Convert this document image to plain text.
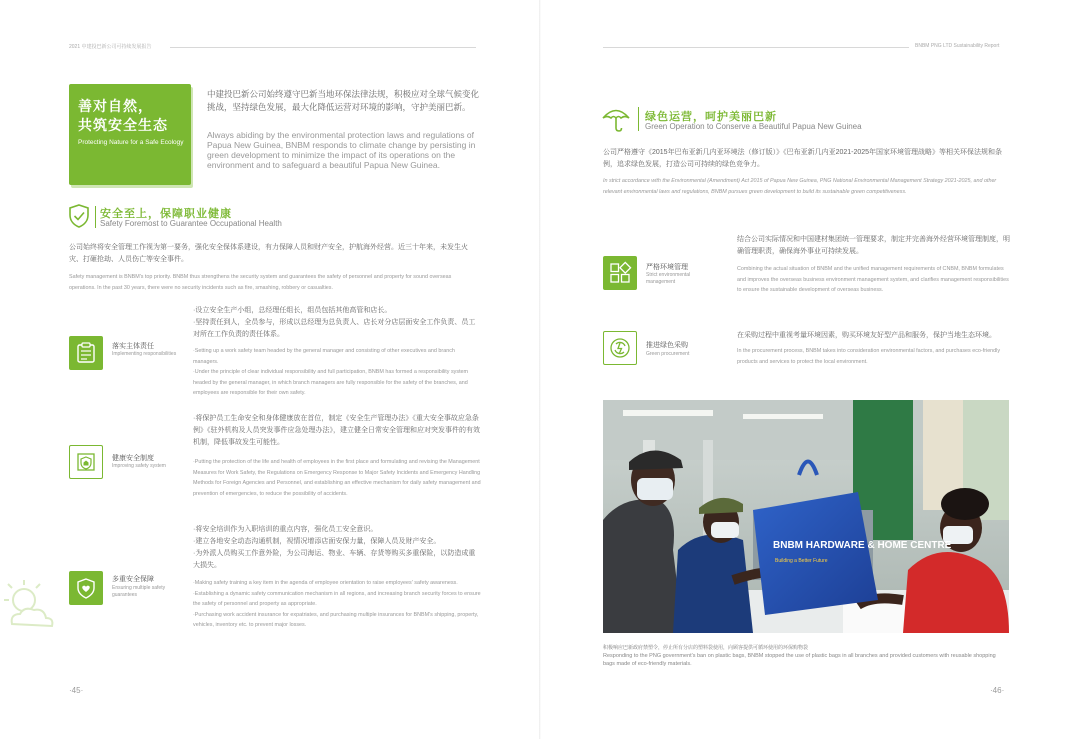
2021 中建投巴新公司可持续发展报告
善对自然，
共筑安全生态
Protecting Nature for a Safe Ecology
中建投巴新公司始终遵守巴新当地环保法律法规，积极应对全球气候变化挑战，坚持绿色发展，最大化降低运营对环境的影响，守护美丽巴新。
Always abiding by the environmental protection laws and regulations of Papua New Guinea, BNBM responds to climate change by persisting in green development to minimize the impact of its operations on the environment and to safeguard a beautiful Papua New Guinea.
安全至上，保障职业健康
Safety Foremost to Guarantee Occupational Health
公司始终将安全管理工作视为第一要务，强化安全保体系建设，有力保障人员和财产安全，护航海外经营。近三十年来，未发生火灾、打砸抢劫、人员伤亡等安全事件。
Safety management is BNBM's top priority. BNBM thus strengthens the security system and guarantees the safety of personnel and property for sound overseas operations. In the past 30 years, there were no security incidents such as fire, smashing, robbery or casualties.
落实主体责任
Implementing responsibilities
·设立安全生产小组，总经理任组长，组员包括其他高管和店长。
·坚持责任到人，全员参与，形成以总经理为总负责人、店长对分店层面安全工作负责、员工对所在工作负责的责任体系。
·Setting up a work safety team headed by the general manager and consisting of other executives and branch managers.
·Under the principle of clear individual responsibility and full participation, BNBM has formed a responsibility system headed by the general manager, in which branch managers are fully responsible for the safety of the branches, and employees are responsible for their own safety.
健康安全制度
Improving safety system
·将保护员工生命安全和身体健康放在首位，制定《安全生产管理办法》《重大安全事故应急条例》《驻外机构及人员突发事件应急处理办法》，建立健全日常安全管理和应对突发事件的有效机制，降低事故发生可能性。
·Putting the protection of the life and health of employees in the first place and formulating and revising the Management Measures for Work Safety, the Regulations on Emergency Response to Major Safety Incidents and Emergency Handling Methods for Foreign Agencies and Personnel, and establishing an effective mechanism for daily safety management and prevention of emergencies, to reduce the possibility of accidents.
多重安全保障
Ensuring multiple safety guarantees
·将安全培训作为入职培训的重点内容，强化员工安全意识。
·建立各地安全动态沟通机制，视情况增添店面安保力量，保障人员及财产安全。
·为外派人员购买工作意外险，为公司海运、物业、车辆、存货等购买多重保险，以防造成重大损失。
·Making safety training a key item in the agenda of employee orientation to raise employees' safety awareness.
·Establishing a dynamic safety communication mechanism in all regions, and increasing branch security forces to ensure the safety of personnel and property as appropriate.
·Purchasing work accident insurance for expatriates, and purchasing multiple insurances for BNBM's shipping, property, vehicles, inventory etc. to prevent major losses.
·45·
BNBM PNG LTD Sustainability Report
绿色运营，呵护美丽巴新
Green Operation to Conserve a Beautiful Papua New Guinea
公司严格遵守《2015年巴布亚新几内亚环境法（修订版）》《巴布亚新几内亚2021-2025年国家环境管理战略》等相关环保法规和条例，追求绿色发展，打造公司可持续的绿色竞争力。
In strict accordance with the Environmental (Amendment) Act 2015 of Papua New Guinea, PNG National Environmental Management Strategy 2021-2025, and other relevant environmental laws and regulations, BNBM pursues green development to build its sustainable green competitiveness.
严格环境管理
Strict environmental management
结合公司实际情况和中国建材集团统一管理要求，制定并完善海外经营环境管理制度，明确管理职责，确保海外事业可持续发展。
Combining the actual situation of BNBM and the unified management requirements of CNBM, BNBM formulates and improves the overseas business environment management system, and clarifies management responsibilities to ensure the sustainable development of overseas business.
推进绿色采购
Green procurement
在采购过程中重视考量环境因素，购买环境友好型产品和服务，保护当地生态环境。
In the procurement process, BNBM takes into consideration environmental factors, and purchases eco-friendly products and services to protect the local environment.
BNBM HARDWARE & HOME CENTRE
Building a Better Future
积极响应巴新政府禁塑令，停止所有分店的塑料袋使用，向顾客提供可循环使用的环保购物袋
Responding to the PNG government's ban on plastic bags, BNBM stopped the use of plastic bags in all branches and provided customers with reusable shopping bags made of eco-friendly materials.
·46·
